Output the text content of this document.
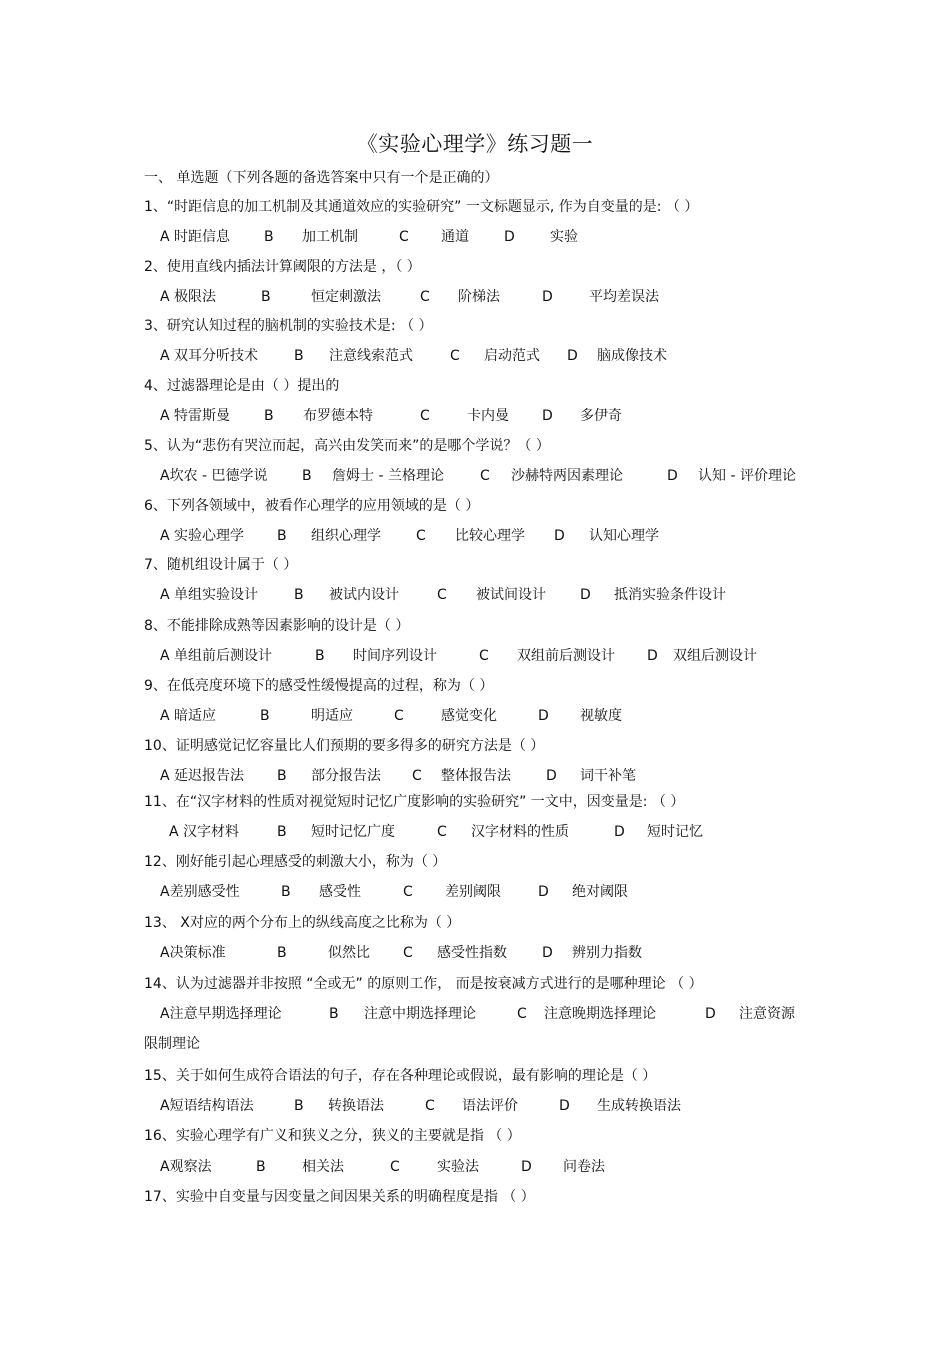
《实验心理学》练习题一
一、 单选题（下列各题的备选答案中只有一个是正确的）
1、“时距信息的加工机制及其通道效应的实验研究” 一文标题显示, 作为自变量的是: （ ）
A 时距信息 B 加工机制	C 通道	D	实验
2、使用直线内插法计算阈限的方法是 ，（ ）
A 极限法	B	恒定刺激法	C 阶梯法	D	平均差误法
3、研究认知过程的脑机制的实验技术是: （ ）
A 双耳分听技术	B 注意线索范式	C 启动范式 D 脑成像技术
4、过滤器理论是由（ ）提出的
A 特雷斯曼 B 布罗德本特	C	卡内曼 D 多伊奇
5、认为“悲伤有哭泣而起，高兴由发笑而来”的是哪个学说？（ ）
A坎农 - 巴德学说 B 詹姆士 - 兰格理论	C 沙赫特两因素理论	D 认知 - 评价理论
6、下列各领域中，被看作心理学的应用领域的是（ ）
A 实验心理学 B 组织心理学	C 比较心理学 D 认知心理学
7、随机组设计属于（ ）
A 单组实验设计	B 被试内设计	C 被试间设计 D 抵消实验条件设计
8、不能排除成熟等因素影响的设计是（ ）
A 单组前后测设计	B 时间序列设计	C 双组前后测设计 D 双组后测设计
9、在低亮度环境下的感受性缓慢提高的过程，称为（ ）
A 暗适应	B	明适应	C	感觉变化	D 视敏度
10、证明感觉记忆容量比人们预期的要多得多的研究方法是（ ）
A 延迟报告法 B 部分报告法 C 整体报告法	D 词干补笔
11、在“汉字材料的性质对视觉短时记忆广度影响的实验研究” 一文中，因变量是: （ ）
A 汉字材料	B 短时记忆广度	C 汉字材料的性质	D 短时记忆
12、刚好能引起心理感受的刺激大小，称为（ ）
A差别感受性	B 感受性	C 差别阈限	D 绝对阈限
13、 X对应的两个分布上的纵线高度之比称为（ ）
A决策标准	B	似然比 C 感受性指数	D 辨别力指数
14、认为过滤器并非按照 “全或无” 的原则工作， 而是按衰减方式进行的是哪种理论 （ ）
A注意早期选择理论	B 注意中期选择理论	C 注意晚期选择理论	D 注意资源
限制理论
15、关于如何生成符合语法的句子，存在各种理论或假说，最有影响的理论是（ ）
A短语结构语法	B 转换语法	C 语法评价	D 生成转换语法
16、实验心理学有广义和狭义之分，狭义的主要就是指 （ ）
A观察法	B	相关法	C	实验法	D 问卷法
17、实验中自变量与因变量之间因果关系的明确程度是指 （ ）
